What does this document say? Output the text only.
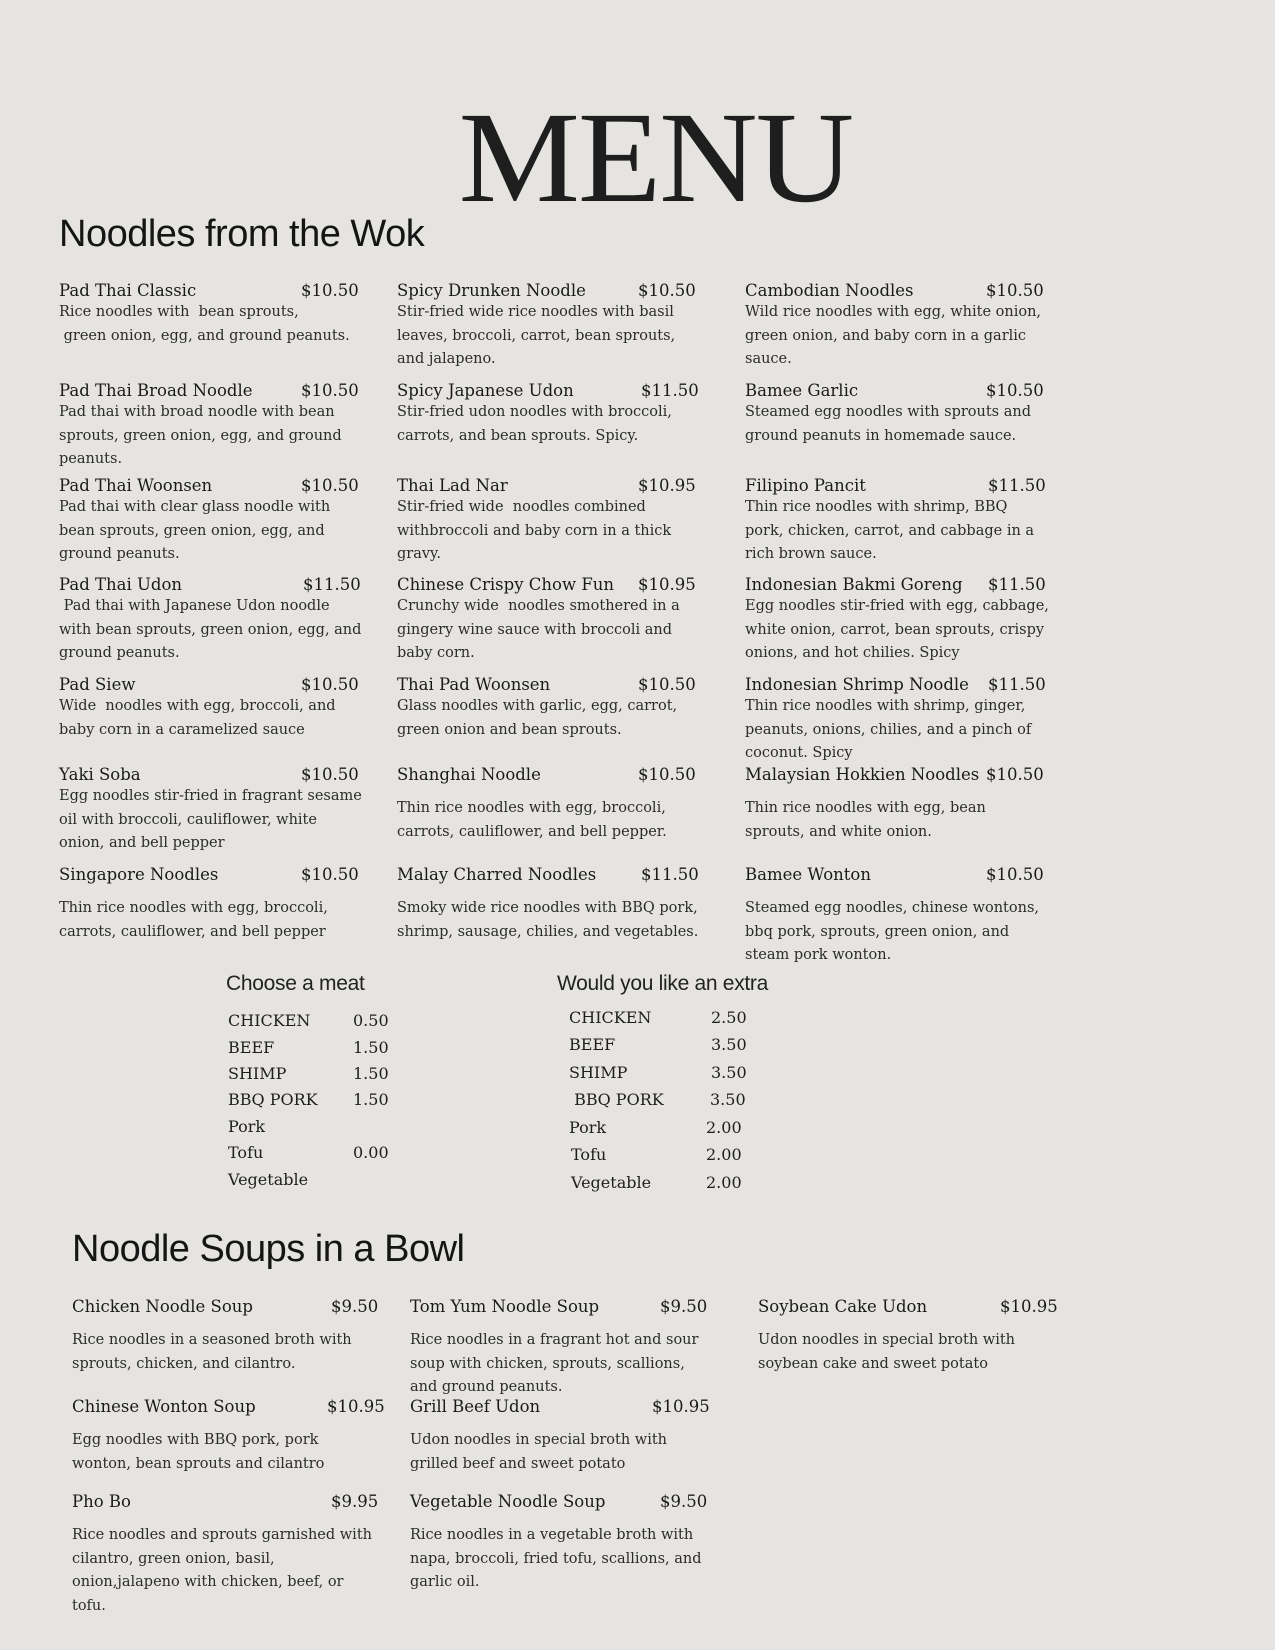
MENU
Noodles from the Wok
Pad Thai Classic	$10.50

Rice noodles with  bean sprouts,

green onion, egg, and ground peanuts.

Pad Thai Broad Noodle	$10.50

Pad thai with broad noodle with bean

sprouts, green onion, egg, and ground

peanuts.

Pad Thai Woonsen	$10.50

Pad thai with clear glass noodle with

bean sprouts, green onion, egg, and

ground peanuts.

Pad Thai Udon	$11.50

Pad thai with Japanese Udon noodle

with bean sprouts, green onion, egg, and

ground peanuts.

Pad Siew	$10.50

Wide  noodles with egg, broccoli, and

baby corn in a caramelized sauce

Yaki Soba	$10.50

Egg noodles stir-fried in fragrant sesame

oil with broccoli, cauliflower, white

onion, and bell pepper

Singapore Noodles	$10.50

Thin rice noodles with egg, broccoli,

carrots, cauliflower, and bell pepper

Spicy Drunken Noodle	$10.50

Stir-fried wide rice noodles with basil

leaves, broccoli, carrot, bean sprouts,

and jalapeno.

Spicy Japanese Udon	$11.50

Stir-fried udon noodles with broccoli,

carrots, and bean sprouts. Spicy.

Thai Lad Nar	$10.95

Stir-fried wide  noodles combined

withbroccoli and baby corn in a thick

gravy.

Chinese Crispy Chow Fun $10.95

Crunchy wide  noodles smothered in a

gingery wine sauce with broccoli and

baby corn.

Thai Pad Woonsen	$10.50

Glass noodles with garlic, egg, carrot,

green onion and bean sprouts.

Shanghai Noodle	$10.50

Thin rice noodles with egg, broccoli,

carrots, cauliflower, and bell pepper.

Malay Charred Noodles	$11.50

Smoky wide rice noodles with BBQ pork,

shrimp, sausage, chilies, and vegetables.

Cambodian Noodles	$10.50

Wild rice noodles with egg, white onion,

green onion, and baby corn in a garlic

sauce.

Bamee Garlic	$10.50

Steamed egg noodles with sprouts and

ground peanuts in homemade sauce.

Filipino Pancit	$11.50

Thin rice noodles with shrimp, BBQ

pork, chicken, carrot, and cabbage in a

rich brown sauce.

Indonesian Bakmi Goreng $11.50

Egg noodles stir-fried with egg, cabbage,

white onion, carrot, bean sprouts, crispy

onions, and hot chilies. Spicy

Indonesian Shrimp Noodle $11.50

Thin rice noodles with shrimp, ginger,

peanuts, onions, chilies, and a pinch of

coconut. Spicy

Malaysian Hokkien Noodles $10.50

Thin rice noodles with egg, bean

sprouts, and white onion.

Bamee Wonton	$10.50

Steamed egg noodles, chinese wontons,

bbq pork, sprouts, green onion, and

steam pork wonton.

Choose a meat
CHICKEN	0.50
BEEF	1.50
SHIMP	1.50
BBQ PORK 1.50
Pork
Tofu	0.00
Vegetable
Would you like an extra
CHICKEN	2.50
BEEF	3.50
SHIMP	3.50
BBQ PORK	3.50
Pork	2.00
Tofu	2.00
Vegetable	2.00
Noodle Soups in a Bowl
Chicken Noodle Soup	$9.50

Rice noodles in a seasoned broth with

sprouts, chicken, and cilantro.

Chinese Wonton Soup	$10.95

Egg noodles with BBQ pork, pork

wonton, bean sprouts and cilantro

Pho Bo	$9.95

Rice noodles and sprouts garnished with

cilantro, green onion, basil,

onion,jalapeno with chicken, beef, or

tofu.

Tom Yum Noodle Soup	$9.50

Rice noodles in a fragrant hot and sour

soup with chicken, sprouts, scallions,

and ground peanuts.

Grill Beef Udon	$10.95

Udon noodles in special broth with

grilled beef and sweet potato

Vegetable Noodle Soup	$9.50

Rice noodles in a vegetable broth with

napa, broccoli, fried tofu, scallions, and

garlic oil.

Soybean Cake Udon	$10.95

Udon noodles in special broth with

soybean cake and sweet potato
